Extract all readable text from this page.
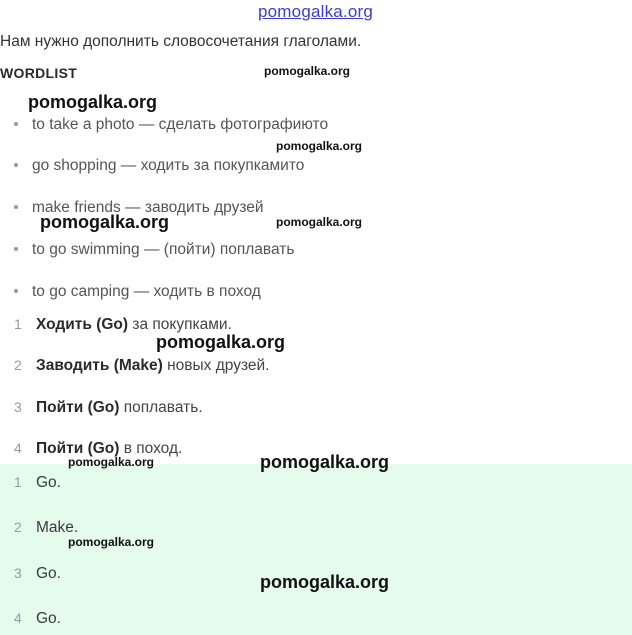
pomogalka.org
Нам нужно дополнить словосочетания глаголами.
WORDLIST
to take a photo — сделать фотографиюто
go shopping — ходить за покупкамито
make friends — заводить друзей
to go swimming — (пойти) поплавать
to go camping — ходить в поход
1 Ходить (Go) за покупками.
2 Заводить (Make) новых друзей.
3 Пойти (Go) поплавать.
4 Пойти (Go) в поход.
1 Go.
2 Make.
3 Go.
4 Go.
pomogalka.org
pomogalka.org
pomogalka.org
pomogalka.org	pomogalka.org
pomogalka.org
pomogalka.org	pomogalka.org
pomogalka.org
pomogalka.org
